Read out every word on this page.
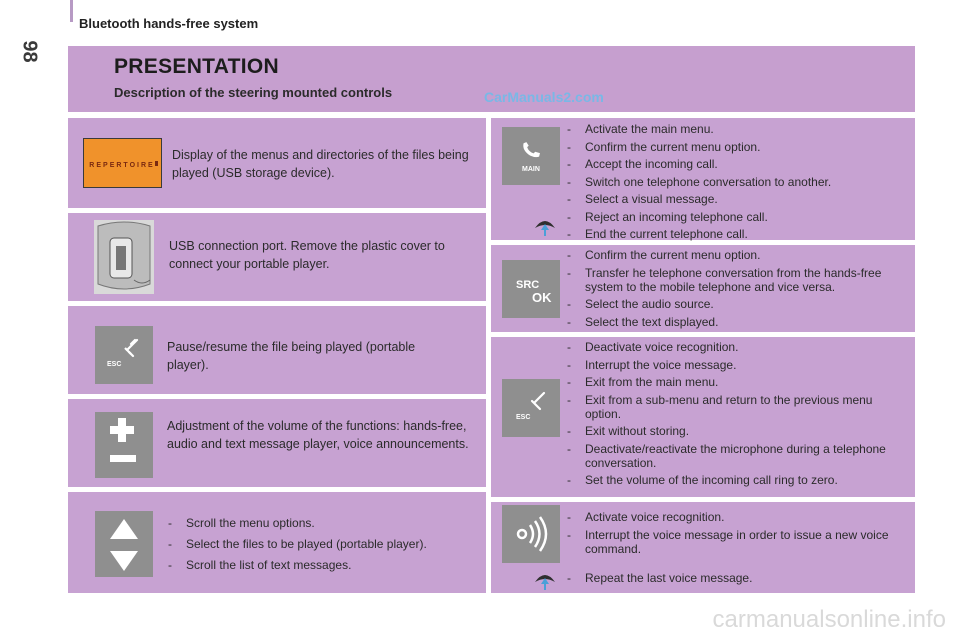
98
Bluetooth hands-free system
PRESENTATION
Description of the steering mounted controls	CarManuals2.com
REPERTOIRE
Display of the menus and directories of the files being played (USB storage device).
USB connection port. Remove the plastic cover to connect your portable player.
ESC
Pause/resume the file being played (portable player).
Adjustment of the volume of the functions: hands-free, audio and text message player, voice announcements.
- Scroll the menu options.
- Select the files to be played (portable player).
- Scroll the list of text messages.
MAIN
- Activate the main menu.
- Confirm the current menu option.
- Accept the incoming call.
- Switch one telephone conversation to another.
- Select a visual message.
- Reject an incoming telephone call.
- End the current telephone call.
SRC
OK
- Confirm the current menu option.
- Transfer he telephone conversation from the hands-free system to the mobile telephone and vice versa.
- Select the audio source.
- Select the text displayed.
ESC
- Deactivate voice recognition.
- Interrupt the voice message.
- Exit from the main menu.
- Exit from a sub-menu and return to the previous menu option.
- Exit without storing.
- Deactivate/reactivate the microphone during a telephone conversation.
- Set the volume of the incoming call ring to zero.
- Activate voice recognition.
- Interrupt the voice message in order to issue a new voice command.
- Repeat the last voice message.
carmanualsonline.info
